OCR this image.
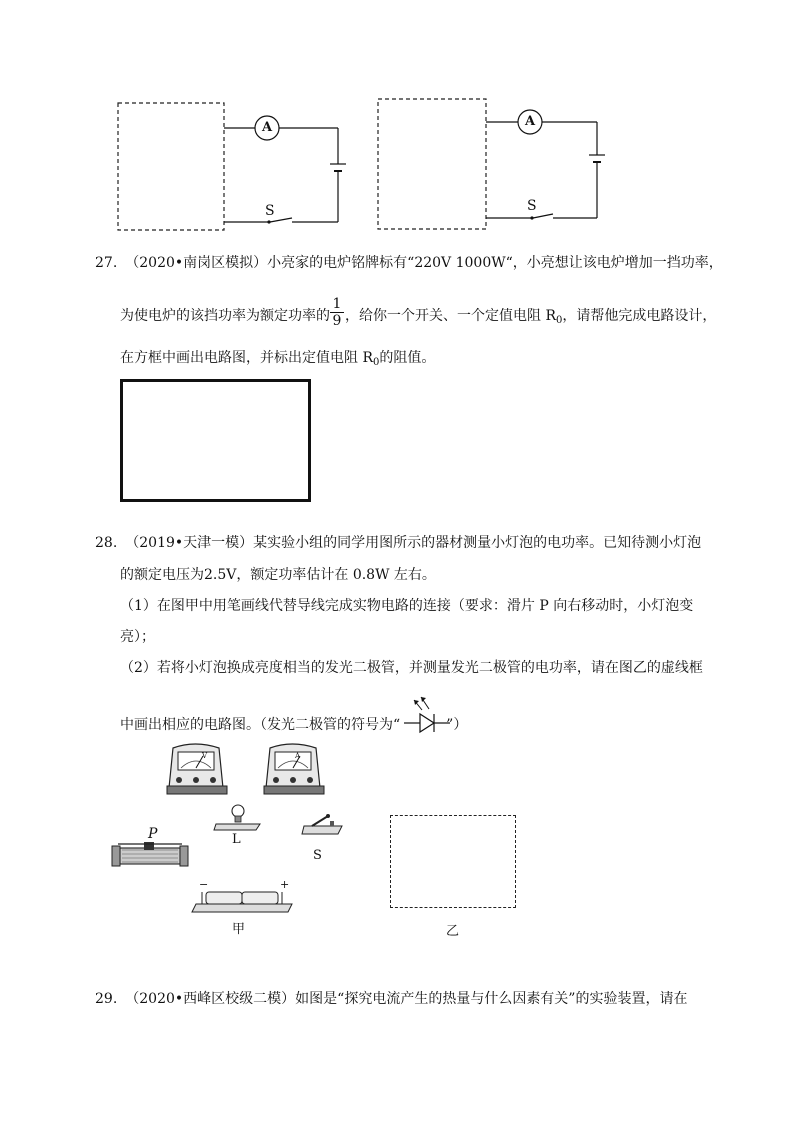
A
S
A
S
27. （2020•南岗区模拟）小亮家的电炉铭牌标有“220V 1000W“，小亮想让该电炉增加一挡功率，
为使电炉的该挡功率为额定功率的 $\frac{1}{9}$ ，给你一个开关、一个定值电阻 $R_0$，请帮他完成电路设计，
在方框中画出电路图，并标出定值电阻 $R_0$的阻值。
28. （2019•天津一模）某实验小组的同学用图所示的器材测量小灯泡的电功率。已知待测小灯泡
的额定电压为2.5V，额定功率估计在 0.8W 左右。
（1）在图甲中用笔画线代替导线完成实物电路的连接（要求：滑片 P 向右移动时，小灯泡变
亮）；
（2）若将小灯泡换成亮度相当的发光二极管，并测量发光二极管的电功率，请在图乙的虚线框
中画出相应的电路图。（发光二极管的符号为“	”）
V	A
L
S
P
−	+
甲	乙
29. （2020•西峰区校级二模）如图是“探究电流产生的热量与什么因素有关”的实验装置，请在
